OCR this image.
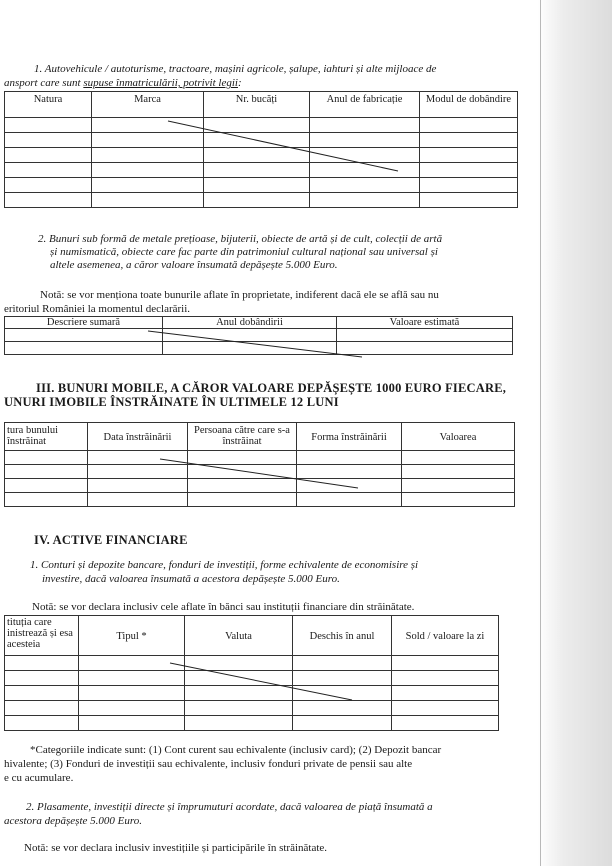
1. Autovehicule / autoturisme, tractoare, mașini agricole, șalupe, iahturi și alte mijloace de
ansport care sunt supuse înmatriculării, potrivit legii:
Natura	Marca	Nr. bucăți	Anul de fabricație	Modul de dobândire

2. Bunuri sub formă de metale prețioase, bijuterii, obiecte de artă și de cult, colecții de artă
și numismatică, obiecte care fac parte din patrimoniul cultural național sau universal și
altele asemenea, a căror valoare însumată depășește 5.000 Euro.
Notă: se vor menționa toate bunurile aflate în proprietate, indiferent dacă ele se află sau nu
eritoriul României la momentul declarării.
Descriere sumară	Anul dobândirii	Valoare estimată

III. BUNURI MOBILE, A CĂROR VALOARE DEPĂȘEȘTE 1000 EURO FIECARE,
UNURI IMOBILE ÎNSTRĂINATE ÎN ULTIMELE 12 LUNI
tura bunului înstrăinat	Data înstrăinării	Persoana către care s-a înstrăinat	Forma înstrăinării	Valoarea

IV. ACTIVE FINANCIARE
1. Conturi și depozite bancare, fonduri de investiții, forme echivalente de economisire și
investire, dacă valoarea însumată a acestora depășește 5.000 Euro.
Notă: se vor declara inclusiv cele aflate în bănci sau instituții financiare din străinătate.
tituția care inistrează și esa acesteia	Tipul *	Valuta	Deschis în anul	Sold / valoare la zi

*Categoriile indicate sunt: (1) Cont curent sau echivalente (inclusiv card); (2) Depozit bancar
hivalente; (3) Fonduri de investiții sau echivalente, inclusiv fonduri private de pensii sau alte
e cu acumulare.
2. Plasamente, investiții directe și împrumuturi acordate, dacă valoarea de piață însumată a
acestora depășește 5.000 Euro.
Notă: se vor declara inclusiv investițiile și participările în străinătate.
